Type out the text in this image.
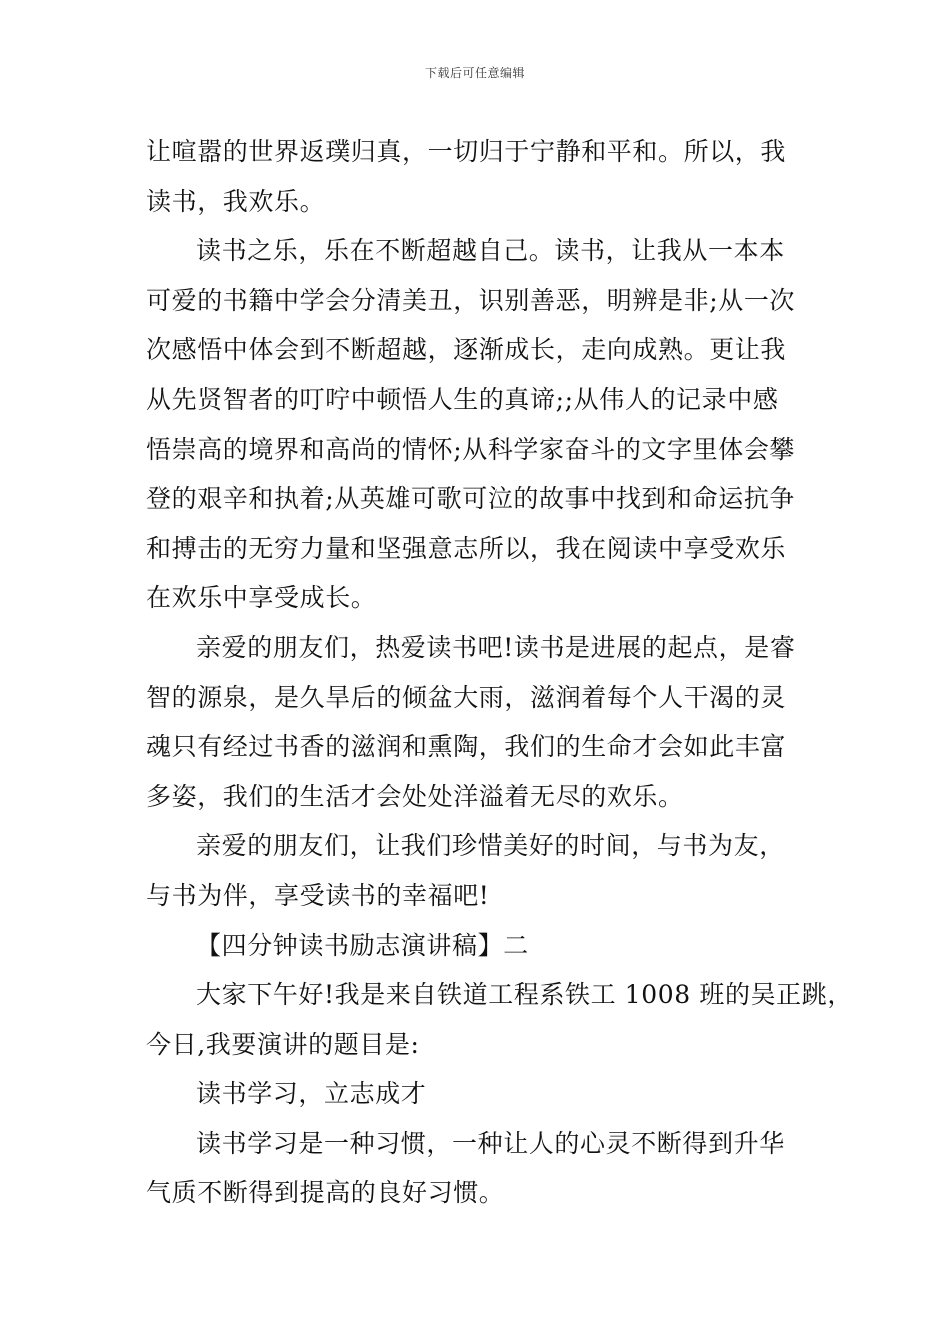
下载后可任意编辑
让喧嚣的世界返璞归真，一切归于宁静和平和。所以，我
读书，我欢乐。
读书之乐，乐在不断超越自己。读书，让我从一本本
可爱的书籍中学会分清美丑，识别善恶，明辨是非;从一次
次感悟中体会到不断超越，逐渐成长，走向成熟。更让我
从先贤智者的叮咛中顿悟人生的真谛;;从伟人的记录中感
悟崇高的境界和高尚的情怀;从科学家奋斗的文字里体会攀
登的艰辛和执着;从英雄可歌可泣的故事中找到和命运抗争
和搏击的无穷力量和坚强意志所以，我在阅读中享受欢乐
在欢乐中享受成长。
亲爱的朋友们，热爱读书吧!读书是进展的起点，是睿
智的源泉，是久旱后的倾盆大雨，滋润着每个人干渴的灵
魂只有经过书香的滋润和熏陶，我们的生命才会如此丰富
多姿，我们的生活才会处处洋溢着无尽的欢乐。
亲爱的朋友们，让我们珍惜美好的时间，与书为友，
与书为伴，享受读书的幸福吧!
【四分钟读书励志演讲稿】二
大家下午好!我是来自铁道工程系铁工 1008 班的吴正跳，
今日,我要演讲的题目是:
读书学习，立志成才
读书学习是一种习惯，一种让人的心灵不断得到升华
气质不断得到提高的良好习惯。
